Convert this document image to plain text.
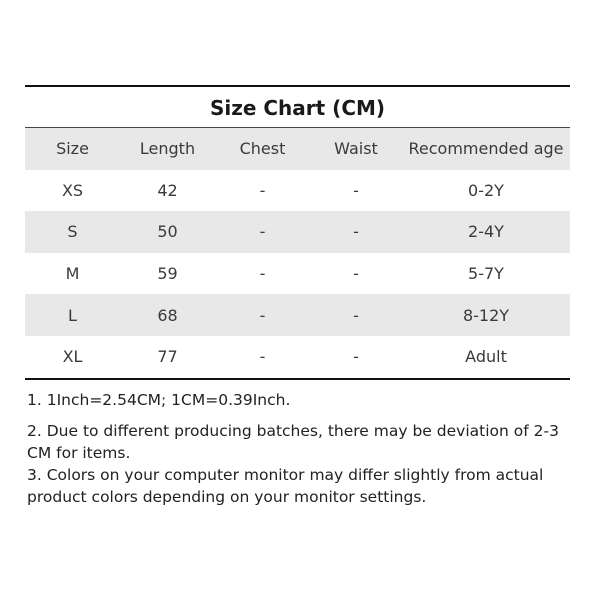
Size Chart (CM)
Size	Length	Chest	Waist	Recommended age
XS	42	-	-	0-2Y
S	50	-	-	2-4Y
M	59	-	-	5-7Y
L	68	-	-	8-12Y
XL	77	-	-	Adult

1. 1Inch=2.54CM; 1CM=0.39Inch.

2. Due to different producing batches, there may be deviation of 2-3 CM for items.

3. Colors on your computer monitor may differ slightly from actual product colors depending on your monitor settings.
